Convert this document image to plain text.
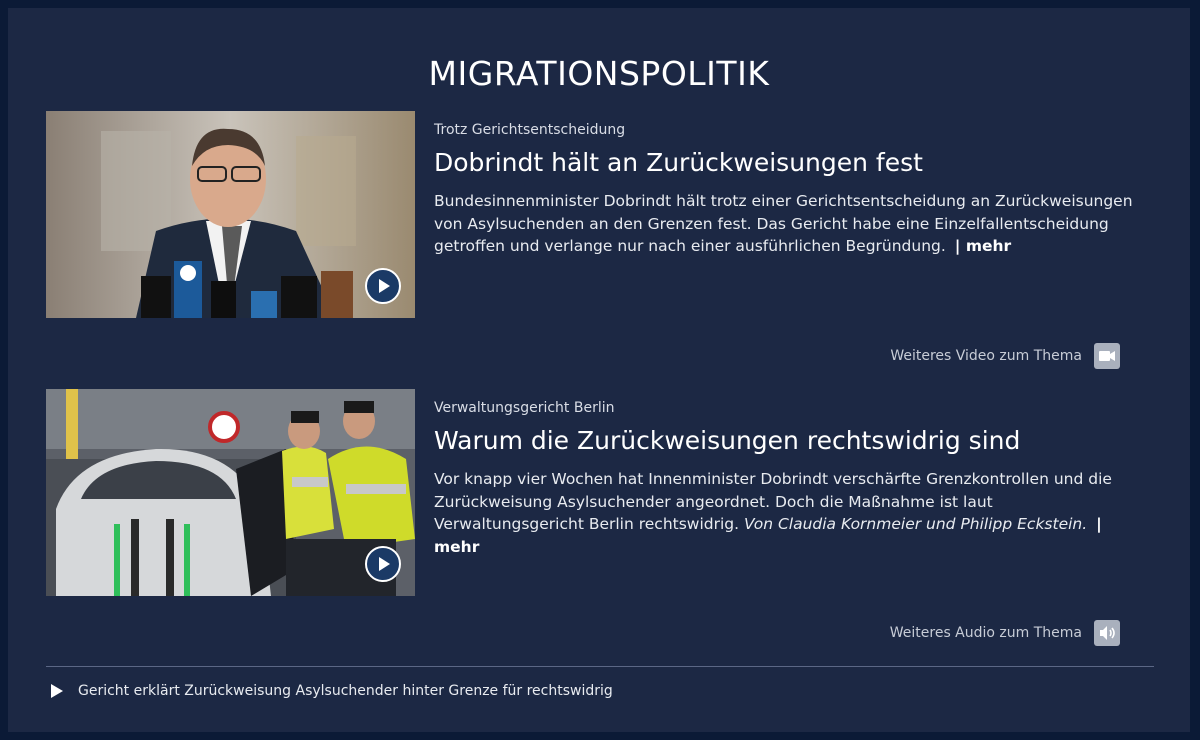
MIGRATIONSPOLITIK
Trotz Gerichtsentscheidung
Dobrindt hält an Zurückweisungen fest
Bundesinnenminister Dobrindt hält trotz einer Gerichtsentscheidung an Zurückweisungen von Asylsuchenden an den Grenzen fest. Das Gericht habe eine Einzelfallentscheidung getroffen und verlange nur nach einer ausführlichen Begründung. | mehr
Weiteres Video zum Thema
Verwaltungsgericht Berlin
Warum die Zurückweisungen rechtswidrig sind
Vor knapp vier Wochen hat Innenminister Dobrindt verschärfte Grenzkontrollen und die Zurückweisung Asylsuchender angeordnet. Doch die Maßnahme ist laut Verwaltungsgericht Berlin rechtswidrig. Von Claudia Kornmeier und Philipp Eckstein. | mehr
Weiteres Audio zum Thema
Gericht erklärt Zurückweisung Asylsuchender hinter Grenze für rechtswidrig
